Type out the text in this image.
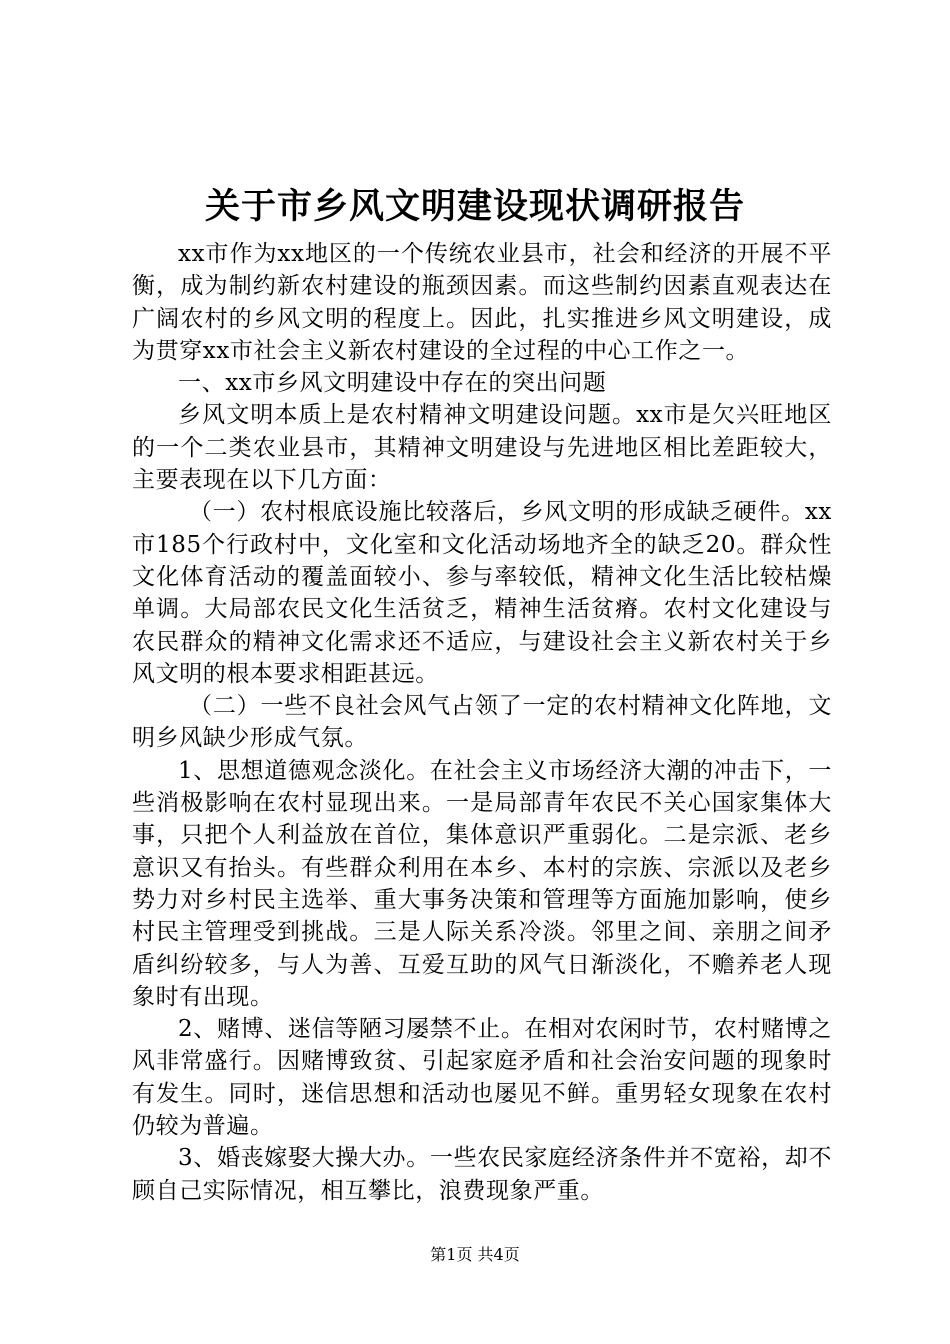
关于市乡风文明建设现状调研报告

xx市作为xx地区的一个传统农业县市，社会和经济的开展不平衡，成为制约新农村建设的瓶颈因素。而这些制约因素直观表达在广阔农村的乡风文明的程度上。因此，扎实推进乡风文明建设，成为贯穿xx市社会主义新农村建设的全过程的中心工作之一。

一、xx市乡风文明建设中存在的突出问题

乡风文明本质上是农村精神文明建设问题。xx市是欠兴旺地区的一个二类农业县市，其精神文明建设与先进地区相比差距较大，主要表现在以下几方面：

（一）农村根底设施比较落后，乡风文明的形成缺乏硬件。xx市185个行政村中，文化室和文化活动场地齐全的缺乏20。群众性文化体育活动的覆盖面较小、参与率较低，精神文化生活比较枯燥单调。大局部农民文化生活贫乏，精神生活贫瘠。农村文化建设与农民群众的精神文化需求还不适应，与建设社会主义新农村关于乡风文明的根本要求相距甚远。

（二）一些不良社会风气占领了一定的农村精神文化阵地，文明乡风缺少形成气氛。

1、思想道德观念淡化。在社会主义市场经济大潮的冲击下，一些消极影响在农村显现出来。一是局部青年农民不关心国家集体大事，只把个人利益放在首位，集体意识严重弱化。二是宗派、老乡意识又有抬头。有些群众利用在本乡、本村的宗族、宗派以及老乡势力对乡村民主选举、重大事务决策和管理等方面施加影响，使乡村民主管理受到挑战。三是人际关系冷淡。邻里之间、亲朋之间矛盾纠纷较多，与人为善、互爱互助的风气日渐淡化，不赡养老人现象时有出现。

2、赌博、迷信等陋习屡禁不止。在相对农闲时节，农村赌博之风非常盛行。因赌博致贫、引起家庭矛盾和社会治安问题的现象时有发生。同时，迷信思想和活动也屡见不鲜。重男轻女现象在农村仍较为普遍。

3、婚丧嫁娶大操大办。一些农民家庭经济条件并不宽裕，却不顾自己实际情况，相互攀比，浪费现象严重。

第1页 共4页
